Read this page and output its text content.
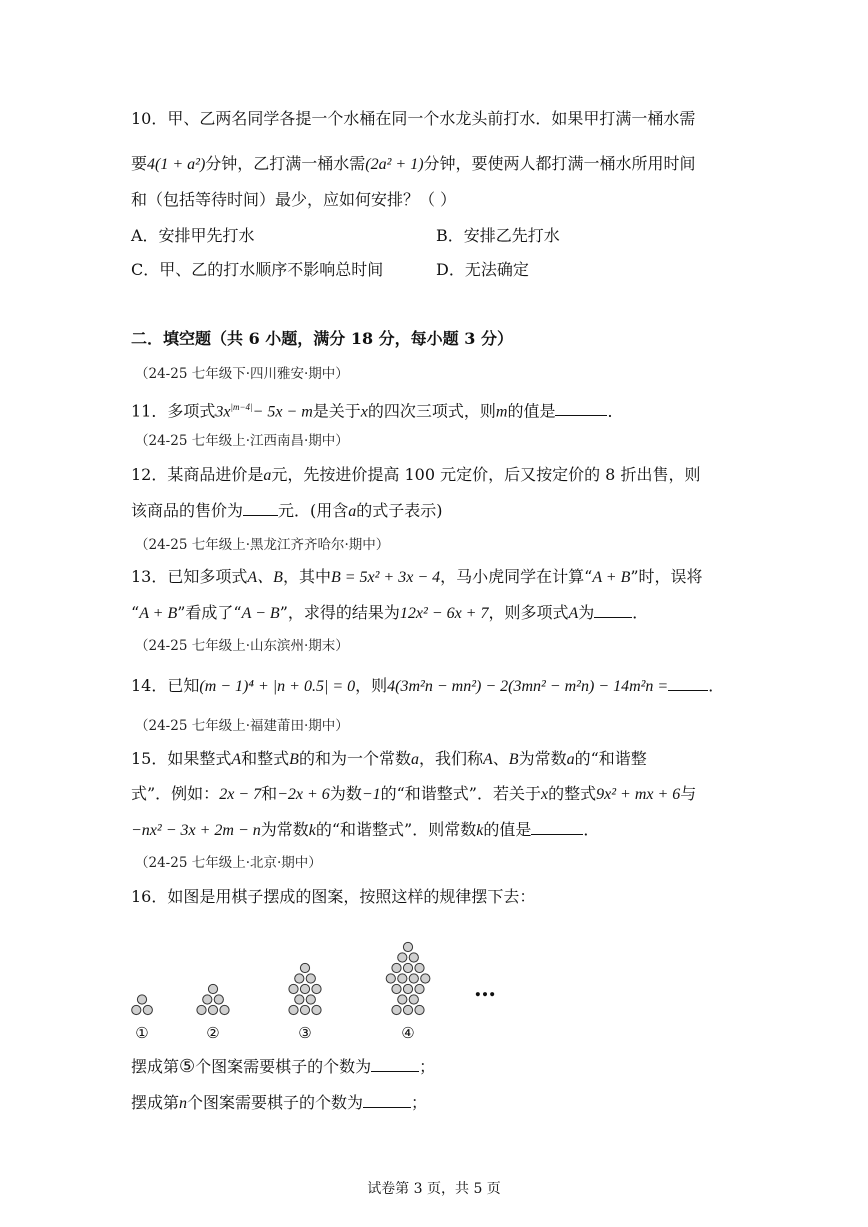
10．甲、乙两名同学各提一个水桶在同一个水龙头前打水．如果甲打满一桶水需
要4(1 + a²)分钟，乙打满一桶水需(2a² + 1)分钟，要使两人都打满一桶水所用时间
和（包括等待时间）最少，应如何安排？（ ）
A．安排甲先打水	B．安排乙先打水
C．甲、乙的打水顺序不影响总时间	D．无法确定
二．填空题（共 6 小题，满分 18 分，每小题 3 分）
（24-25 七年级下·四川雅安·期中）
11．多项式$3x^{|m-4|}- 5x - m$是关于x的四次三项式，则m的值是	．
（24-25 七年级上·江西南昌·期中）
12．某商品进价是a元，先按进价提高 100 元定价，后又按定价的 8 折出售，则
该商品的售价为 元．(用含a的式子表示)
（24-25 七年级上·黑龙江齐齐哈尔·期中）
13．已知多项式A、B，其中B = 5x² + 3x − 4，马小虎同学在计算“A + B”时，误将
“A + B”看成了“A − B”，求得的结果为12x² − 6x + 7，则多项式A为 ．
（24-25 七年级上·山东滨州·期末）
14．已知(m − 1)⁴ + |n + 0.5| = 0，则4(3m²n − mn²) − 2(3mn² − m²n) − 14m²n =	．
（24-25 七年级上·福建莆田·期中）
15．如果整式A和整式B的和为一个常数a，我们称A、B为常数a的“和谐整
式”．例如：2x − 7和−2x + 6为数−1的“和谐整式”．若关于x的整式9x² + mx + 6与
−nx² − 3x + 2m − n为常数k的“和谐整式”．则常数k的值是	．
（24-25 七年级上·北京·期中）
16．如图是用棋子摆成的图案，按照这样的规律摆下去：
①	②	③	④
…
摆成第⑤个图案需要棋子的个数为	；
摆成第n个图案需要棋子的个数为	；
试卷第 3 页，共 5 页
